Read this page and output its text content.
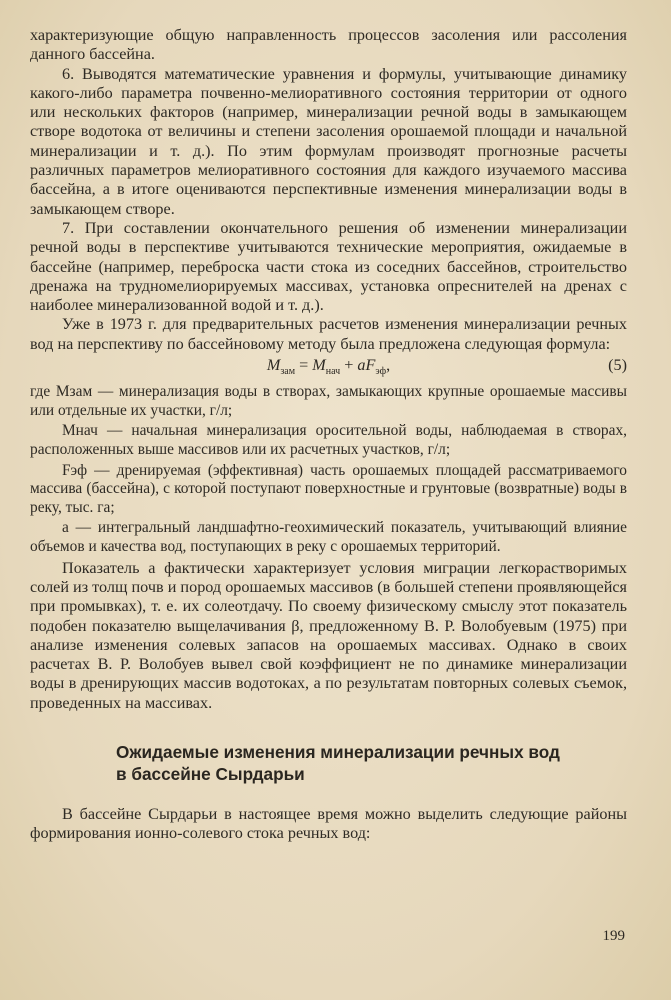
характеризующие общую направленность процессов засоления или рассоления данного бассейна.

6. Выводятся математические уравнения и формулы, учитывающие динамику какого-либо параметра почвенно-мелиоративного состояния территории от одного или нескольких факторов (например, минерализации речной воды в замыкающем створе водотока от величины и степени засоления орошаемой площади и начальной минерализации и т. д.). По этим формулам производят прогнозные расчеты различных параметров мелиоративного состояния для каждого изучаемого массива бассейна, а в итоге оцениваются перспективные изменения минерализации воды в замыкающем створе.

7. При составлении окончательного решения об изменении минерализации речной воды в перспективе учитываются технические мероприятия, ожидаемые в бассейне (например, переброска части стока из соседних бассейнов, строительство дренажа на трудномелиорируемых массивах, установка опреснителей на дренах с наиболее минерализованной водой и т. д.).

Уже в 1973 г. для предварительных расчетов изменения минерализации речных вод на перспективу по бассейновому методу была предложена следующая формула:

$M_{зам} = M_{нач} + aF_{эф}$,	(5)

где Mзам — минерализация воды в створах, замыкающих крупные орошаемые массивы или отдельные их участки, г/л;

Mнач — начальная минерализация оросительной воды, наблюдаемая в створах, расположенных выше массивов или их расчетных участков, г/л;

Fэф — дренируемая (эффективная) часть орошаемых площадей рассматриваемого массива (бассейна), с которой поступают поверхностные и грунтовые (возвратные) воды в реку, тыс. га;

a — интегральный ландшафтно-геохимический показатель, учитывающий влияние объемов и качества вод, поступающих в реку с орошаемых территорий.

Показатель a фактически характеризует условия миграции легкорастворимых солей из толщ почв и пород орошаемых массивов (в большей степени проявляющейся при промывках), т. е. их солеотдачу. По своему физическому смыслу этот показатель подобен показателю выщелачивания β, предложенному В. Р. Волобуевым (1975) при анализе изменения солевых запасов на орошаемых массивах. Однако в своих расчетах В. Р. Волобуев вывел свой коэффициент не по динамике минерализации воды в дренирующих массив водотоках, а по результатам повторных солевых съемок, проведенных на массивах.

Ожидаемые изменения минерализации речных вод
в бассейне Сырдарьи

В бассейне Сырдарьи в настоящее время можно выделить следующие районы формирования ионно-солевого стока речных вод:

199
